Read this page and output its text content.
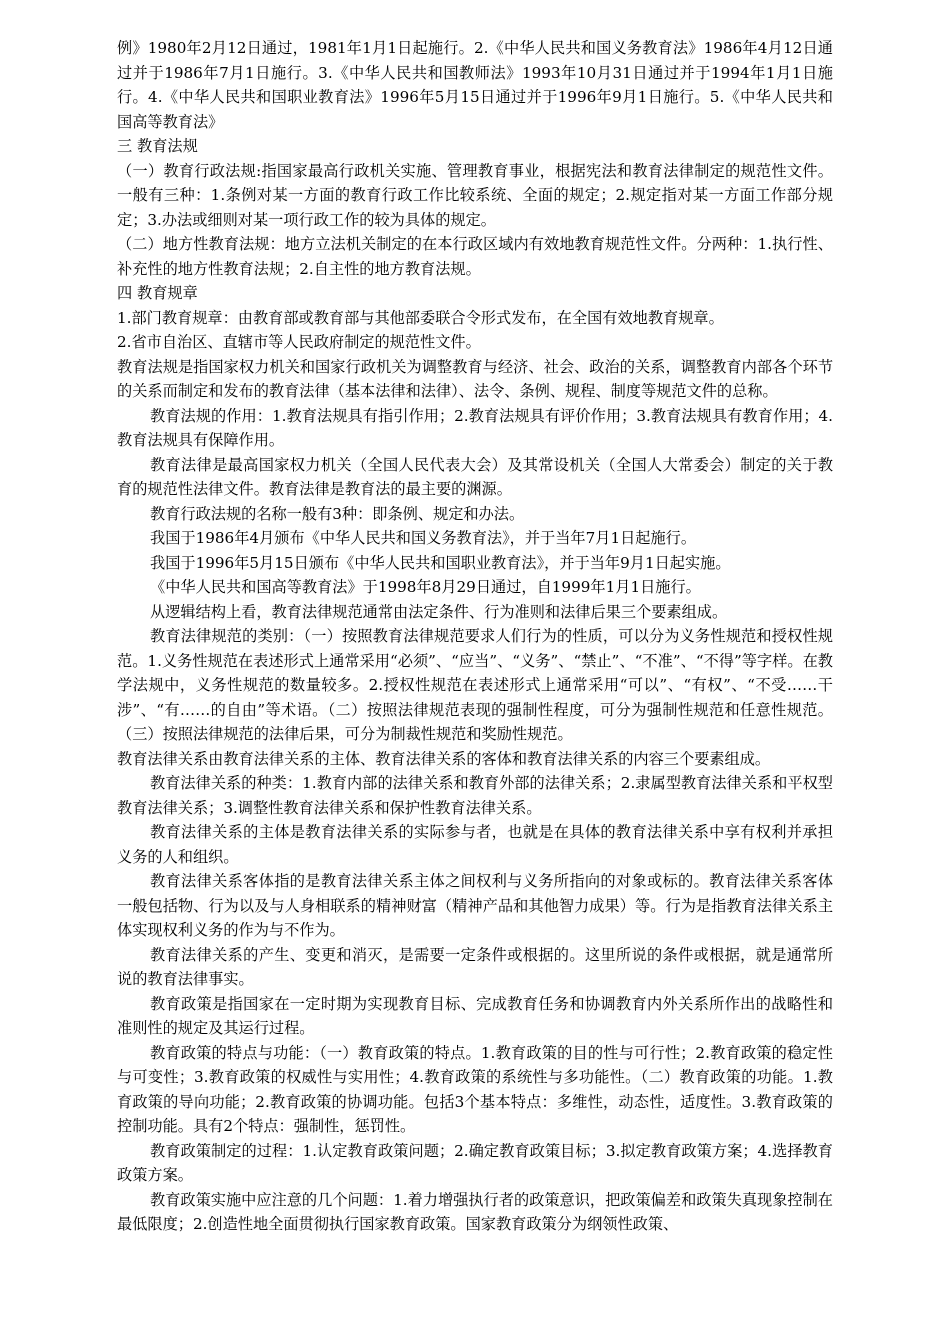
例》1980年2月12日通过，1981年1月1日起施行。2.《中华人民共和国义务教育法》1986年4月12日通过并于1986年7月1日施行。3.《中华人民共和国教师法》1993年10月31日通过并于1994年1月1日施行。4.《中华人民共和国职业教育法》1996年5月15日通过并于1996年9月1日施行。5.《中华人民共和国高等教育法》

三 教育法规

（一）教育行政法规:指国家最高行政机关实施、管理教育事业，根据宪法和教育法律制定的规范性文件。一般有三种：1.条例对某一方面的教育行政工作比较系统、全面的规定；2.规定指对某一方面工作部分规定；3.办法或细则对某一项行政工作的较为具体的规定。

（二）地方性教育法规：地方立法机关制定的在本行政区域内有效地教育规范性文件。分两种：1.执行性、补充性的地方性教育法规；2.自主性的地方教育法规。

四 教育规章

1.部门教育规章：由教育部或教育部与其他部委联合令形式发布，在全国有效地教育规章。

2.省市自治区、直辖市等人民政府制定的规范性文件。

教育法规是指国家权力机关和国家行政机关为调整教育与经济、社会、政治的关系，调整教育内部各个环节的关系而制定和发布的教育法律（基本法律和法律）、法令、条例、规程、制度等规范文件的总称。

教育法规的作用：1.教育法规具有指引作用；2.教育法规具有评价作用；3.教育法规具有教育作用；4.教育法规具有保障作用。

教育法律是最高国家权力机关（全国人民代表大会）及其常设机关（全国人大常委会）制定的关于教育的规范性法律文件。教育法律是教育法的最主要的渊源。

教育行政法规的名称一般有3种：即条例、规定和办法。

我国于1986年4月颁布《中华人民共和国义务教育法》，并于当年7月1日起施行。

我国于1996年5月15日颁布《中华人民共和国职业教育法》，并于当年9月1日起实施。

《中华人民共和国高等教育法》于1998年8月29日通过，自1999年1月1日施行。

从逻辑结构上看，教育法律规范通常由法定条件、行为准则和法律后果三个要素组成。

教育法律规范的类别：（一）按照教育法律规范要求人们行为的性质，可以分为义务性规范和授权性规范。1.义务性规范在表述形式上通常采用“必须”、“应当”、“义务”、“禁止”、“不准”、“不得”等字样。在教学法规中，义务性规范的数量较多。2.授权性规范在表述形式上通常采用“可以”、“有权”、“不受……干涉”、“有……的自由”等术语。（二）按照法律规范表现的强制性程度，可分为强制性规范和任意性规范。（三）按照法律规范的法律后果，可分为制裁性规范和奖励性规范。

教育法律关系由教育法律关系的主体、教育法律关系的客体和教育法律关系的内容三个要素组成。

教育法律关系的种类：1.教育内部的法律关系和教育外部的法律关系；2.隶属型教育法律关系和平权型教育法律关系；3.调整性教育法律关系和保护性教育法律关系。

教育法律关系的主体是教育法律关系的实际参与者，也就是在具体的教育法律关系中享有权利并承担义务的人和组织。

教育法律关系客体指的是教育法律关系主体之间权利与义务所指向的对象或标的。教育法律关系客体一般包括物、行为以及与人身相联系的精神财富（精神产品和其他智力成果）等。行为是指教育法律关系主体实现权利义务的作为与不作为。

教育法律关系的产生、变更和消灭，是需要一定条件或根据的。这里所说的条件或根据，就是通常所说的教育法律事实。

教育政策是指国家在一定时期为实现教育目标、完成教育任务和协调教育内外关系所作出的战略性和准则性的规定及其运行过程。

教育政策的特点与功能：（一）教育政策的特点。1.教育政策的目的性与可行性；2.教育政策的稳定性与可变性；3.教育政策的权威性与实用性；4.教育政策的系统性与多功能性。（二）教育政策的功能。1.教育政策的导向功能；2.教育政策的协调功能。包括3个基本特点：多维性，动态性，适度性。3.教育政策的控制功能。具有2个特点：强制性，惩罚性。

教育政策制定的过程：1.认定教育政策问题；2.确定教育政策目标；3.拟定教育政策方案；4.选择教育政策方案。

教育政策实施中应注意的几个问题：1.着力增强执行者的政策意识，把政策偏差和政策失真现象控制在最低限度；2.创造性地全面贯彻执行国家教育政策。国家教育政策分为纲领性政策、
